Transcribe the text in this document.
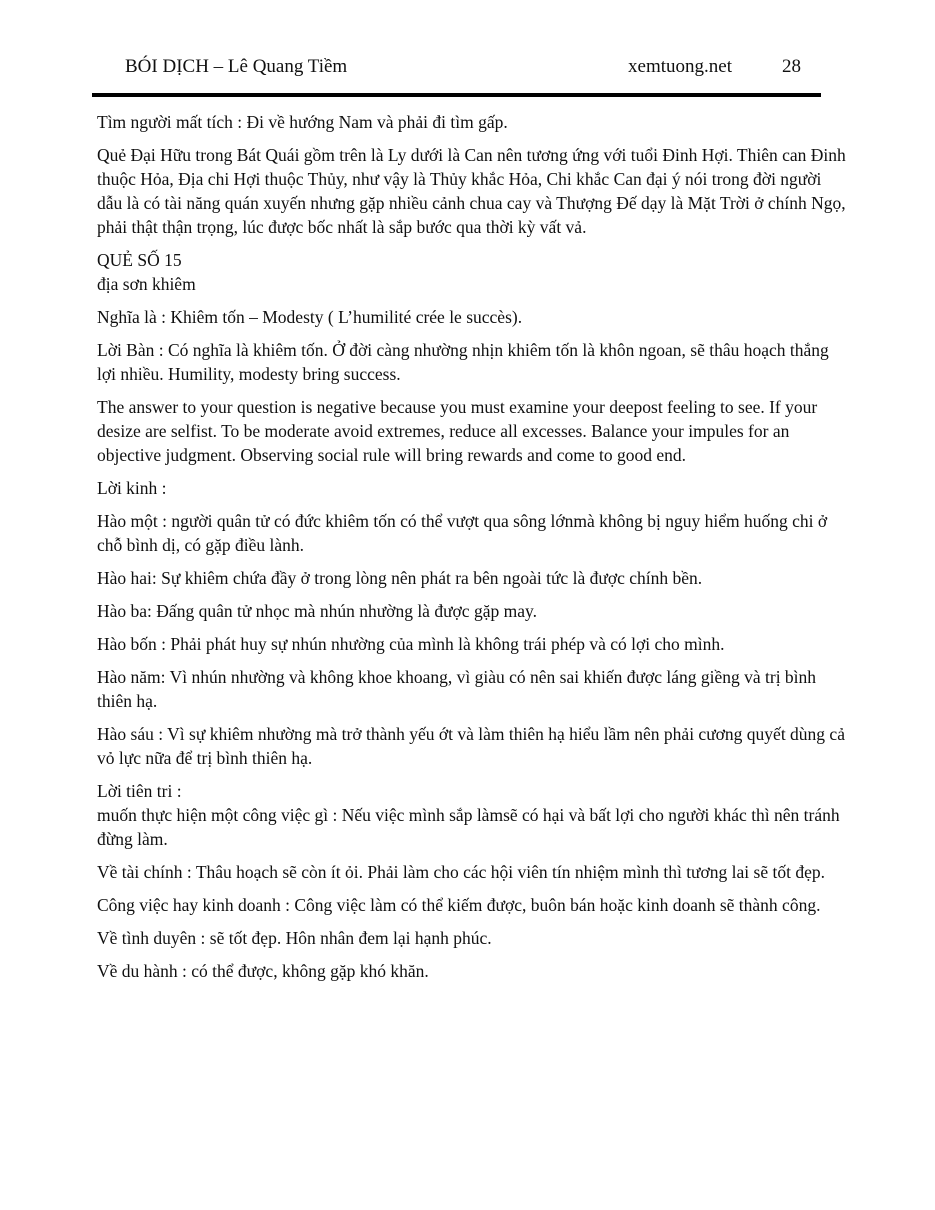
BÓI DỊCH – Lê Quang Tiềm	xemtuong.net	28

Tìm người mất tích : Đi về hướng Nam và phải đi tìm gấp.

Quẻ Đại Hữu trong Bát Quái gồm trên là Ly dưới là Can nên tương ứng với tuổi Đinh Hợi. Thiên can Đinh thuộc Hỏa, Địa chi Hợi thuộc Thủy, như vậy là Thủy khắc Hỏa, Chi khắc Can đại ý nói trong đời người dẫu là có tài năng quán xuyến nhưng gặp nhiều cảnh chua cay và Thượng Đế dạy là Mặt Trời ở chính Ngọ, phải thật thận trọng, lúc được bốc nhất là sắp bước qua thời kỳ vất vả.

QUẺ SỐ 15
địa sơn khiêm

Nghĩa là : Khiêm tốn – Modesty ( L’humilité crée le succès).

Lời Bàn : Có nghĩa là khiêm tốn. Ở đời càng nhường nhịn khiêm tốn là khôn ngoan, sẽ thâu hoạch thắng lợi nhiều. Humility, modesty bring success.

The answer to your question is negative because you must examine your deepost feeling to see. If your desize are selfist. To be moderate avoid extremes, reduce all excesses. Balance your impules for an objective judgment. Observing social rule will bring rewards and come to good end.

Lời kinh :

Hào một : người quân tử có đức khiêm tốn có thể vượt qua sông lớnmà không bị nguy hiểm huống chi ở chỗ bình dị, có gặp điều lành.

Hào hai: Sự khiêm chứa đầy ở trong lòng nên phát ra bên ngoài tức là được chính bền.

Hào ba: Đấng quân tử nhọc mà nhún nhường là được gặp may.

Hào bốn : Phải phát huy sự nhún nhường của mình là không trái phép và có lợi cho mình.

Hào năm: Vì nhún nhường và không khoe khoang, vì giàu có nên sai khiến được láng giềng và trị bình thiên hạ.

Hào sáu : Vì sự khiêm nhường mà trở thành yếu ớt và làm thiên hạ hiểu lầm nên phải cương quyết dùng cả vỏ lực nữa để trị bình thiên hạ.

Lời tiên tri :
muốn thực hiện một công việc gì : Nếu việc mình sắp làmsẽ có hại và bất lợi cho người khác thì nên tránh đừng làm.

Về tài chính : Thâu hoạch sẽ còn ít ỏi. Phải làm cho các hội viên tín nhiệm mình thì tương lai sẽ tốt đẹp.

Công việc hay kinh doanh : Công việc làm có thể kiếm được, buôn bán hoặc kinh doanh sẽ thành công.

Về tình duyên : sẽ tốt đẹp. Hôn nhân đem lại hạnh phúc.

Về du hành : có thể được, không gặp khó khăn.
